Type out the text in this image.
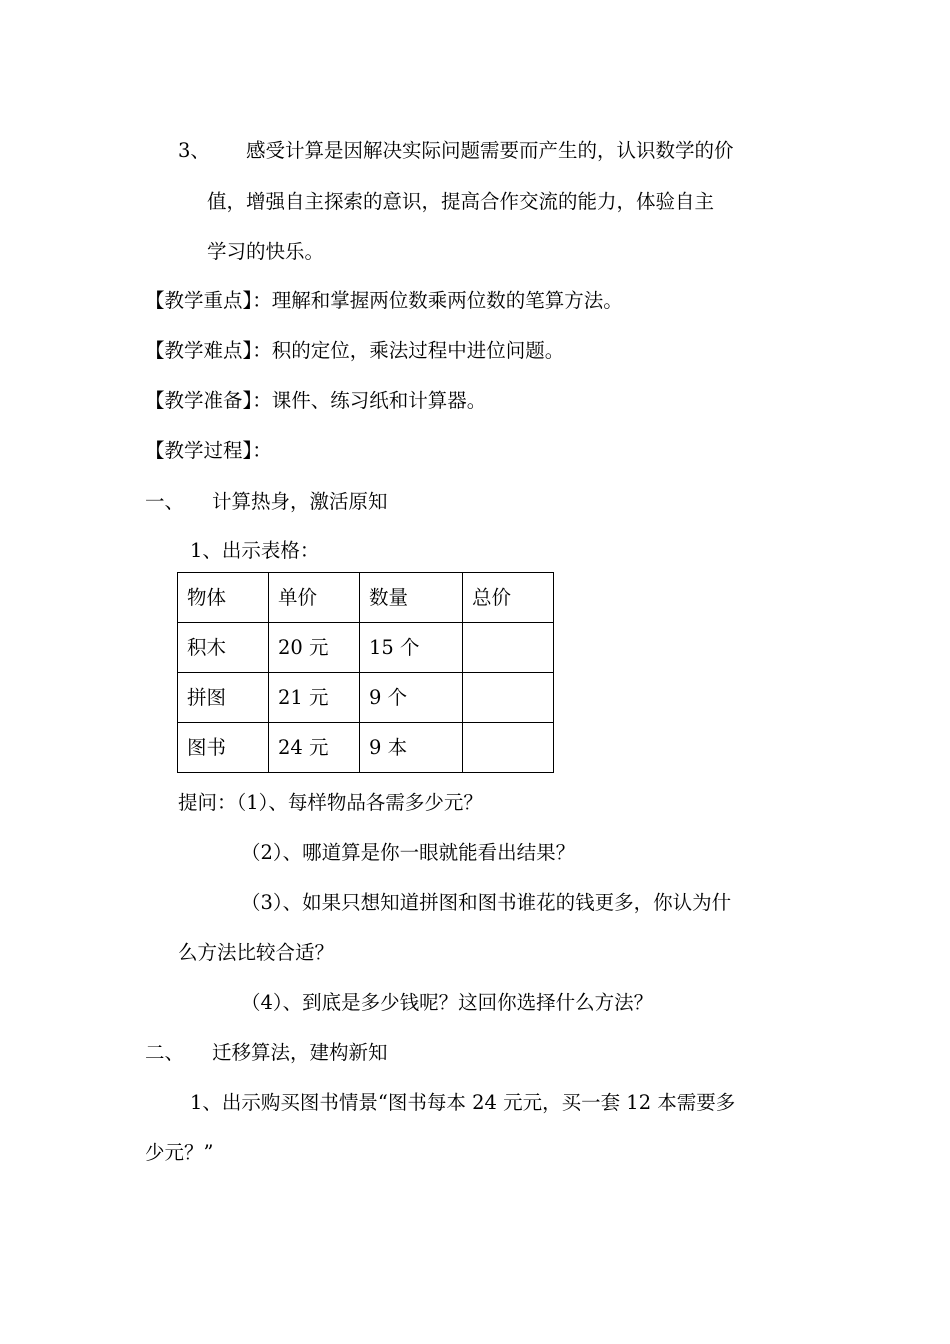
3、 感受计算是因解决实际问题需要而产生的，认识数学的价
值，增强自主探索的意识，提高合作交流的能力，体验自主
学习的快乐。
【教学重点】：理解和掌握两位数乘两位数的笔算方法。
【教学难点】：积的定位，乘法过程中进位问题。
【教学准备】：课件、练习纸和计算器。
【教学过程】：
一、 计算热身，激活原知
1、出示表格：
物体	单价	数量	总价
积木	20 元	15 个	
拼图	21 元	9 个	
图书	24 元	9 本	
提问：（1）、每样物品各需多少元？
（2）、哪道算是你一眼就能看出结果？
（3）、如果只想知道拼图和图书谁花的钱更多，你认为什
么方法比较合适？
（4）、到底是多少钱呢？这回你选择什么方法？
二、 迁移算法，建构新知
1、出示购买图书情景“图书每本 24 元元，买一套 12 本需要多
少元？”
